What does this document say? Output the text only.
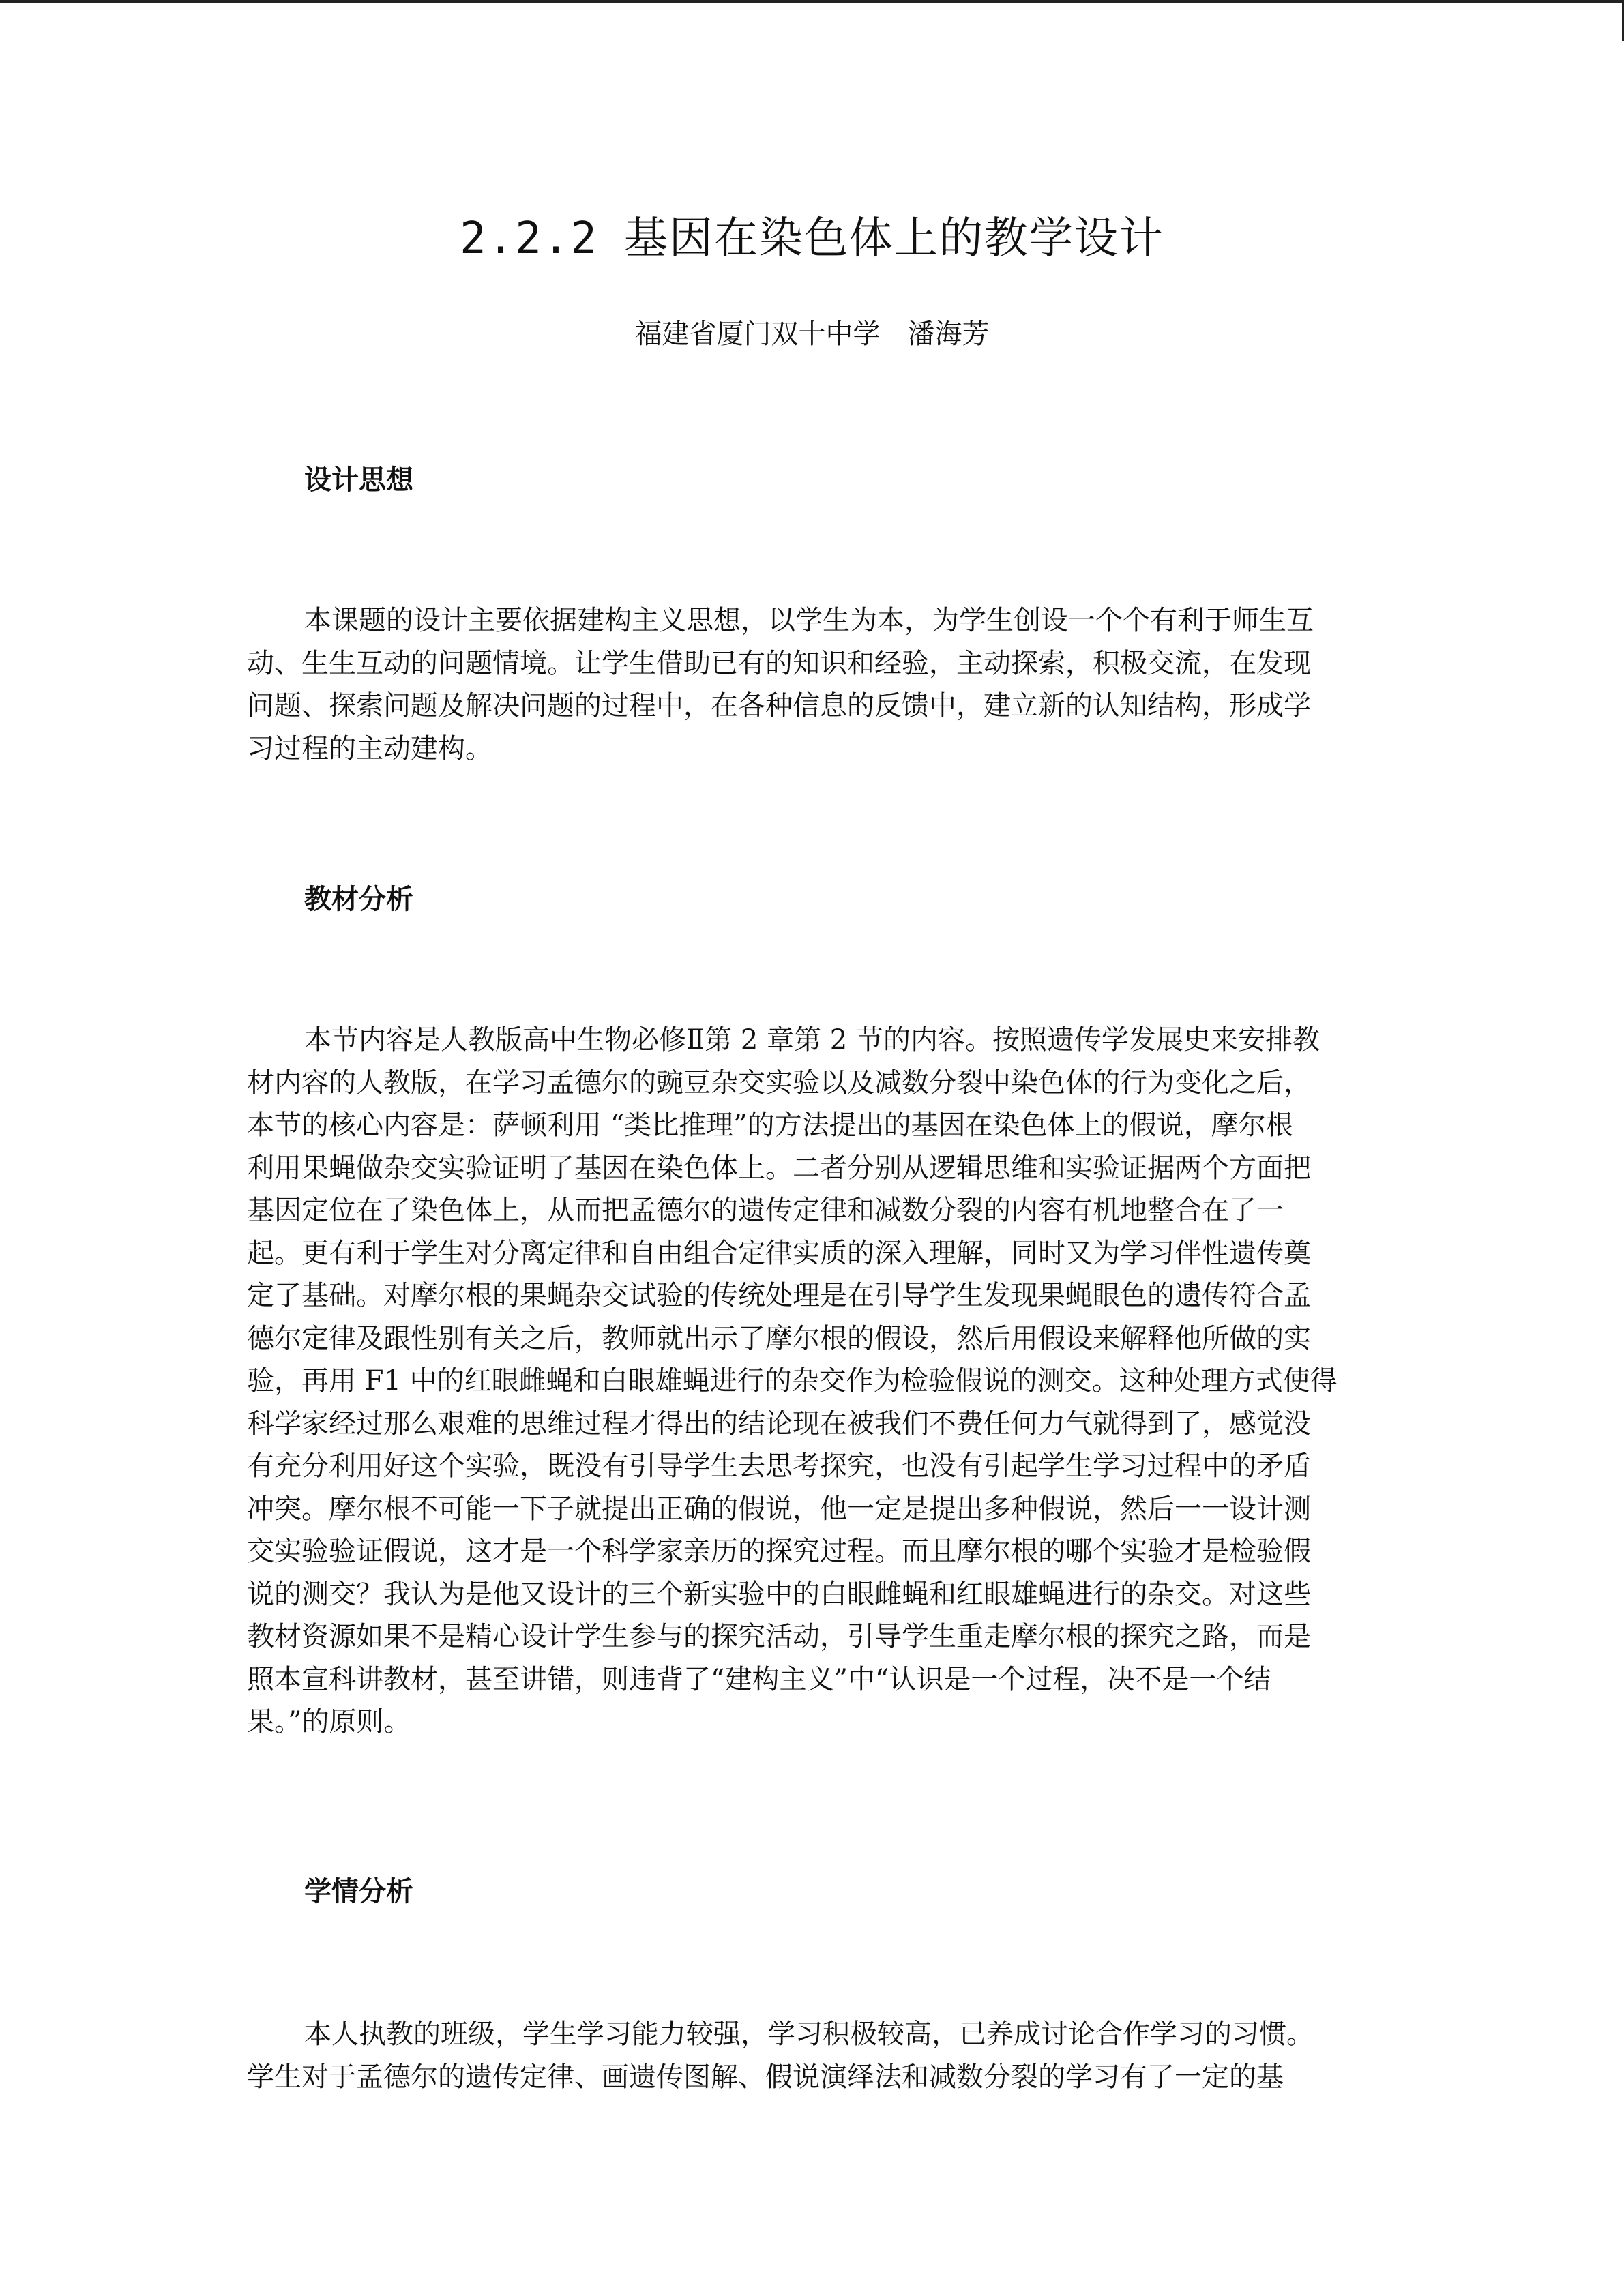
2.2.2 基因在染色体上的教学设计
福建省厦门双十中学 潘海芳
设计思想
本课题的设计主要依据建构主义思想，以学生为本，为学生创设一个个有利于师生互
动、生生互动的问题情境。让学生借助已有的知识和经验，主动探索，积极交流，在发现
问题、探索问题及解决问题的过程中，在各种信息的反馈中，建立新的认知结构，形成学
习过程的主动建构。
教材分析
本节内容是人教版高中生物必修Ⅱ第 2 章第 2 节的内容。按照遗传学发展史来安排教
材内容的人教版，在学习孟德尔的豌豆杂交实验以及减数分裂中染色体的行为变化之后，
本节的核心内容是：萨顿利用 “类比推理”的方法提出的基因在染色体上的假说，摩尔根
利用果蝇做杂交实验证明了基因在染色体上。二者分别从逻辑思维和实验证据两个方面把
基因定位在了染色体上，从而把孟德尔的遗传定律和减数分裂的内容有机地整合在了一
起。更有利于学生对分离定律和自由组合定律实质的深入理解，同时又为学习伴性遗传奠
定了基础。对摩尔根的果蝇杂交试验的传统处理是在引导学生发现果蝇眼色的遗传符合孟
德尔定律及跟性别有关之后，教师就出示了摩尔根的假设，然后用假设来解释他所做的实
验，再用 F1 中的红眼雌蝇和白眼雄蝇进行的杂交作为检验假说的测交。这种处理方式使得
科学家经过那么艰难的思维过程才得出的结论现在被我们不费任何力气就得到了，感觉没
有充分利用好这个实验，既没有引导学生去思考探究，也没有引起学生学习过程中的矛盾
冲突。摩尔根不可能一下子就提出正确的假说，他一定是提出多种假说，然后一一设计测
交实验验证假说，这才是一个科学家亲历的探究过程。而且摩尔根的哪个实验才是检验假
说的测交？我认为是他又设计的三个新实验中的白眼雌蝇和红眼雄蝇进行的杂交。对这些
教材资源如果不是精心设计学生参与的探究活动，引导学生重走摩尔根的探究之路，而是
照本宣科讲教材，甚至讲错，则违背了“建构主义”中“认识是一个过程，决不是一个结
果。”的原则。
学情分析
本人执教的班级，学生学习能力较强，学习积极较高，已养成讨论合作学习的习惯。
学生对于孟德尔的遗传定律、画遗传图解、假说演绎法和减数分裂的学习有了一定的基
